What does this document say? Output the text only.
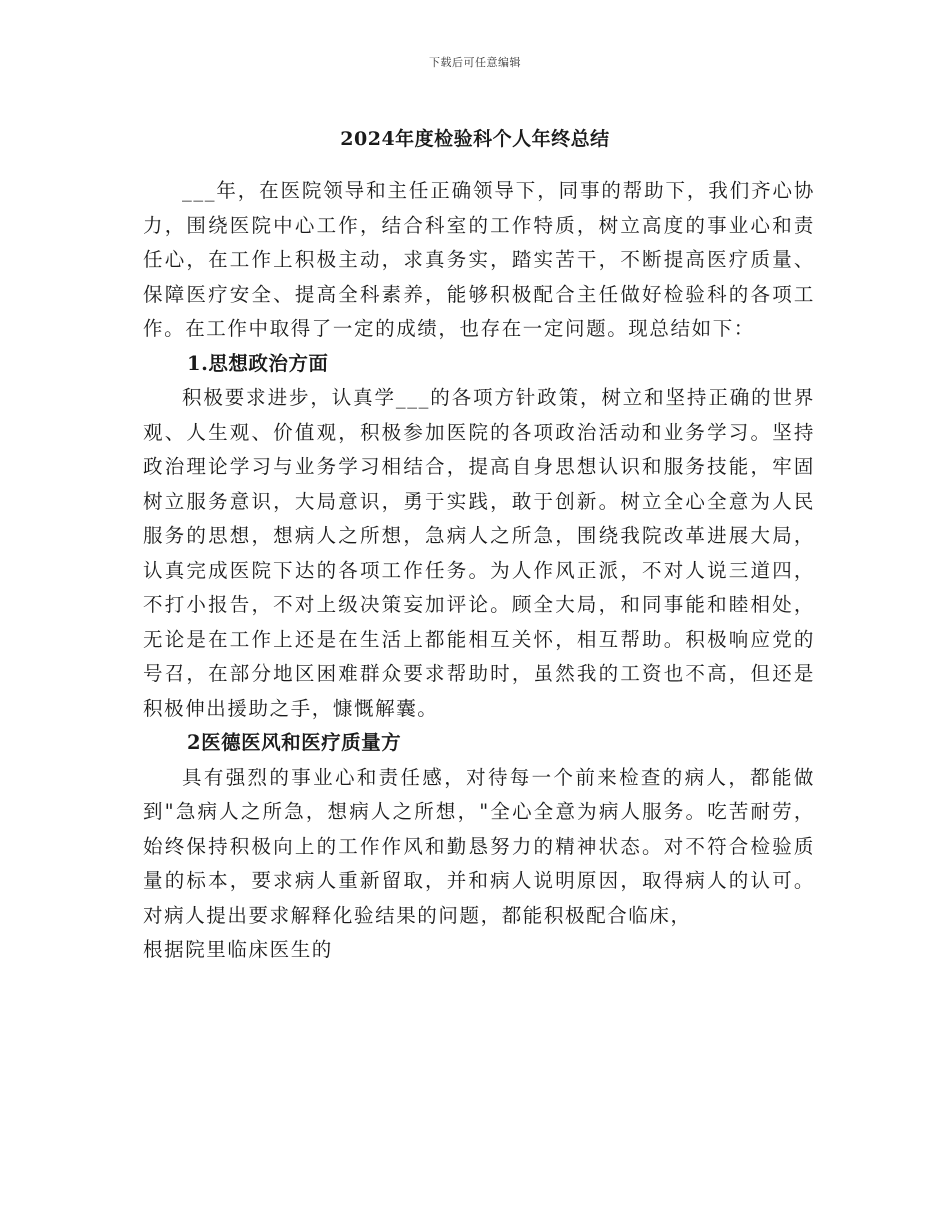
下载后可任意编辑
2024年度检验科个人年终总结

___年，在医院领导和主任正确领导下，同事的帮助下，我们齐心协力，围绕医院中心工作，结合科室的工作特质，树立高度的事业心和责任心，在工作上积极主动，求真务实，踏实苦干，不断提高医疗质量、保障医疗安全、提高全科素养，能够积极配合主任做好检验科的各项工作。在工作中取得了一定的成绩，也存在一定问题。现总结如下：

1.思想政治方面

积极要求进步，认真学___的各项方针政策，树立和坚持正确的世界观、人生观、价值观，积极参加医院的各项政治活动和业务学习。坚持政治理论学习与业务学习相结合，提高自身思想认识和服务技能，牢固树立服务意识，大局意识，勇于实践，敢于创新。树立全心全意为人民服务的思想，想病人之所想，急病人之所急，围绕我院改革进展大局，认真完成医院下达的各项工作任务。为人作风正派，不对人说三道四，不打小报告，不对上级决策妄加评论。顾全大局，和同事能和睦相处，无论是在工作上还是在生活上都能相互关怀，相互帮助。积极响应党的号召，在部分地区困难群众要求帮助时，虽然我的工资也不高，但还是积极伸出援助之手，慷慨解囊。

2医德医风和医疗质量方

具有强烈的事业心和责任感，对待每一个前来检查的病人，都能做到"急病人之所急，想病人之所想，"全心全意为病人服务。吃苦耐劳，始终保持积极向上的工作作风和勤恳努力的精神状态。对不符合检验质量的标本，要求病人重新留取，并和病人说明原因，取得病人的认可。对病人提出要求解释化验结果的问题，都能积极配合临床，

根据院里临床医生的
